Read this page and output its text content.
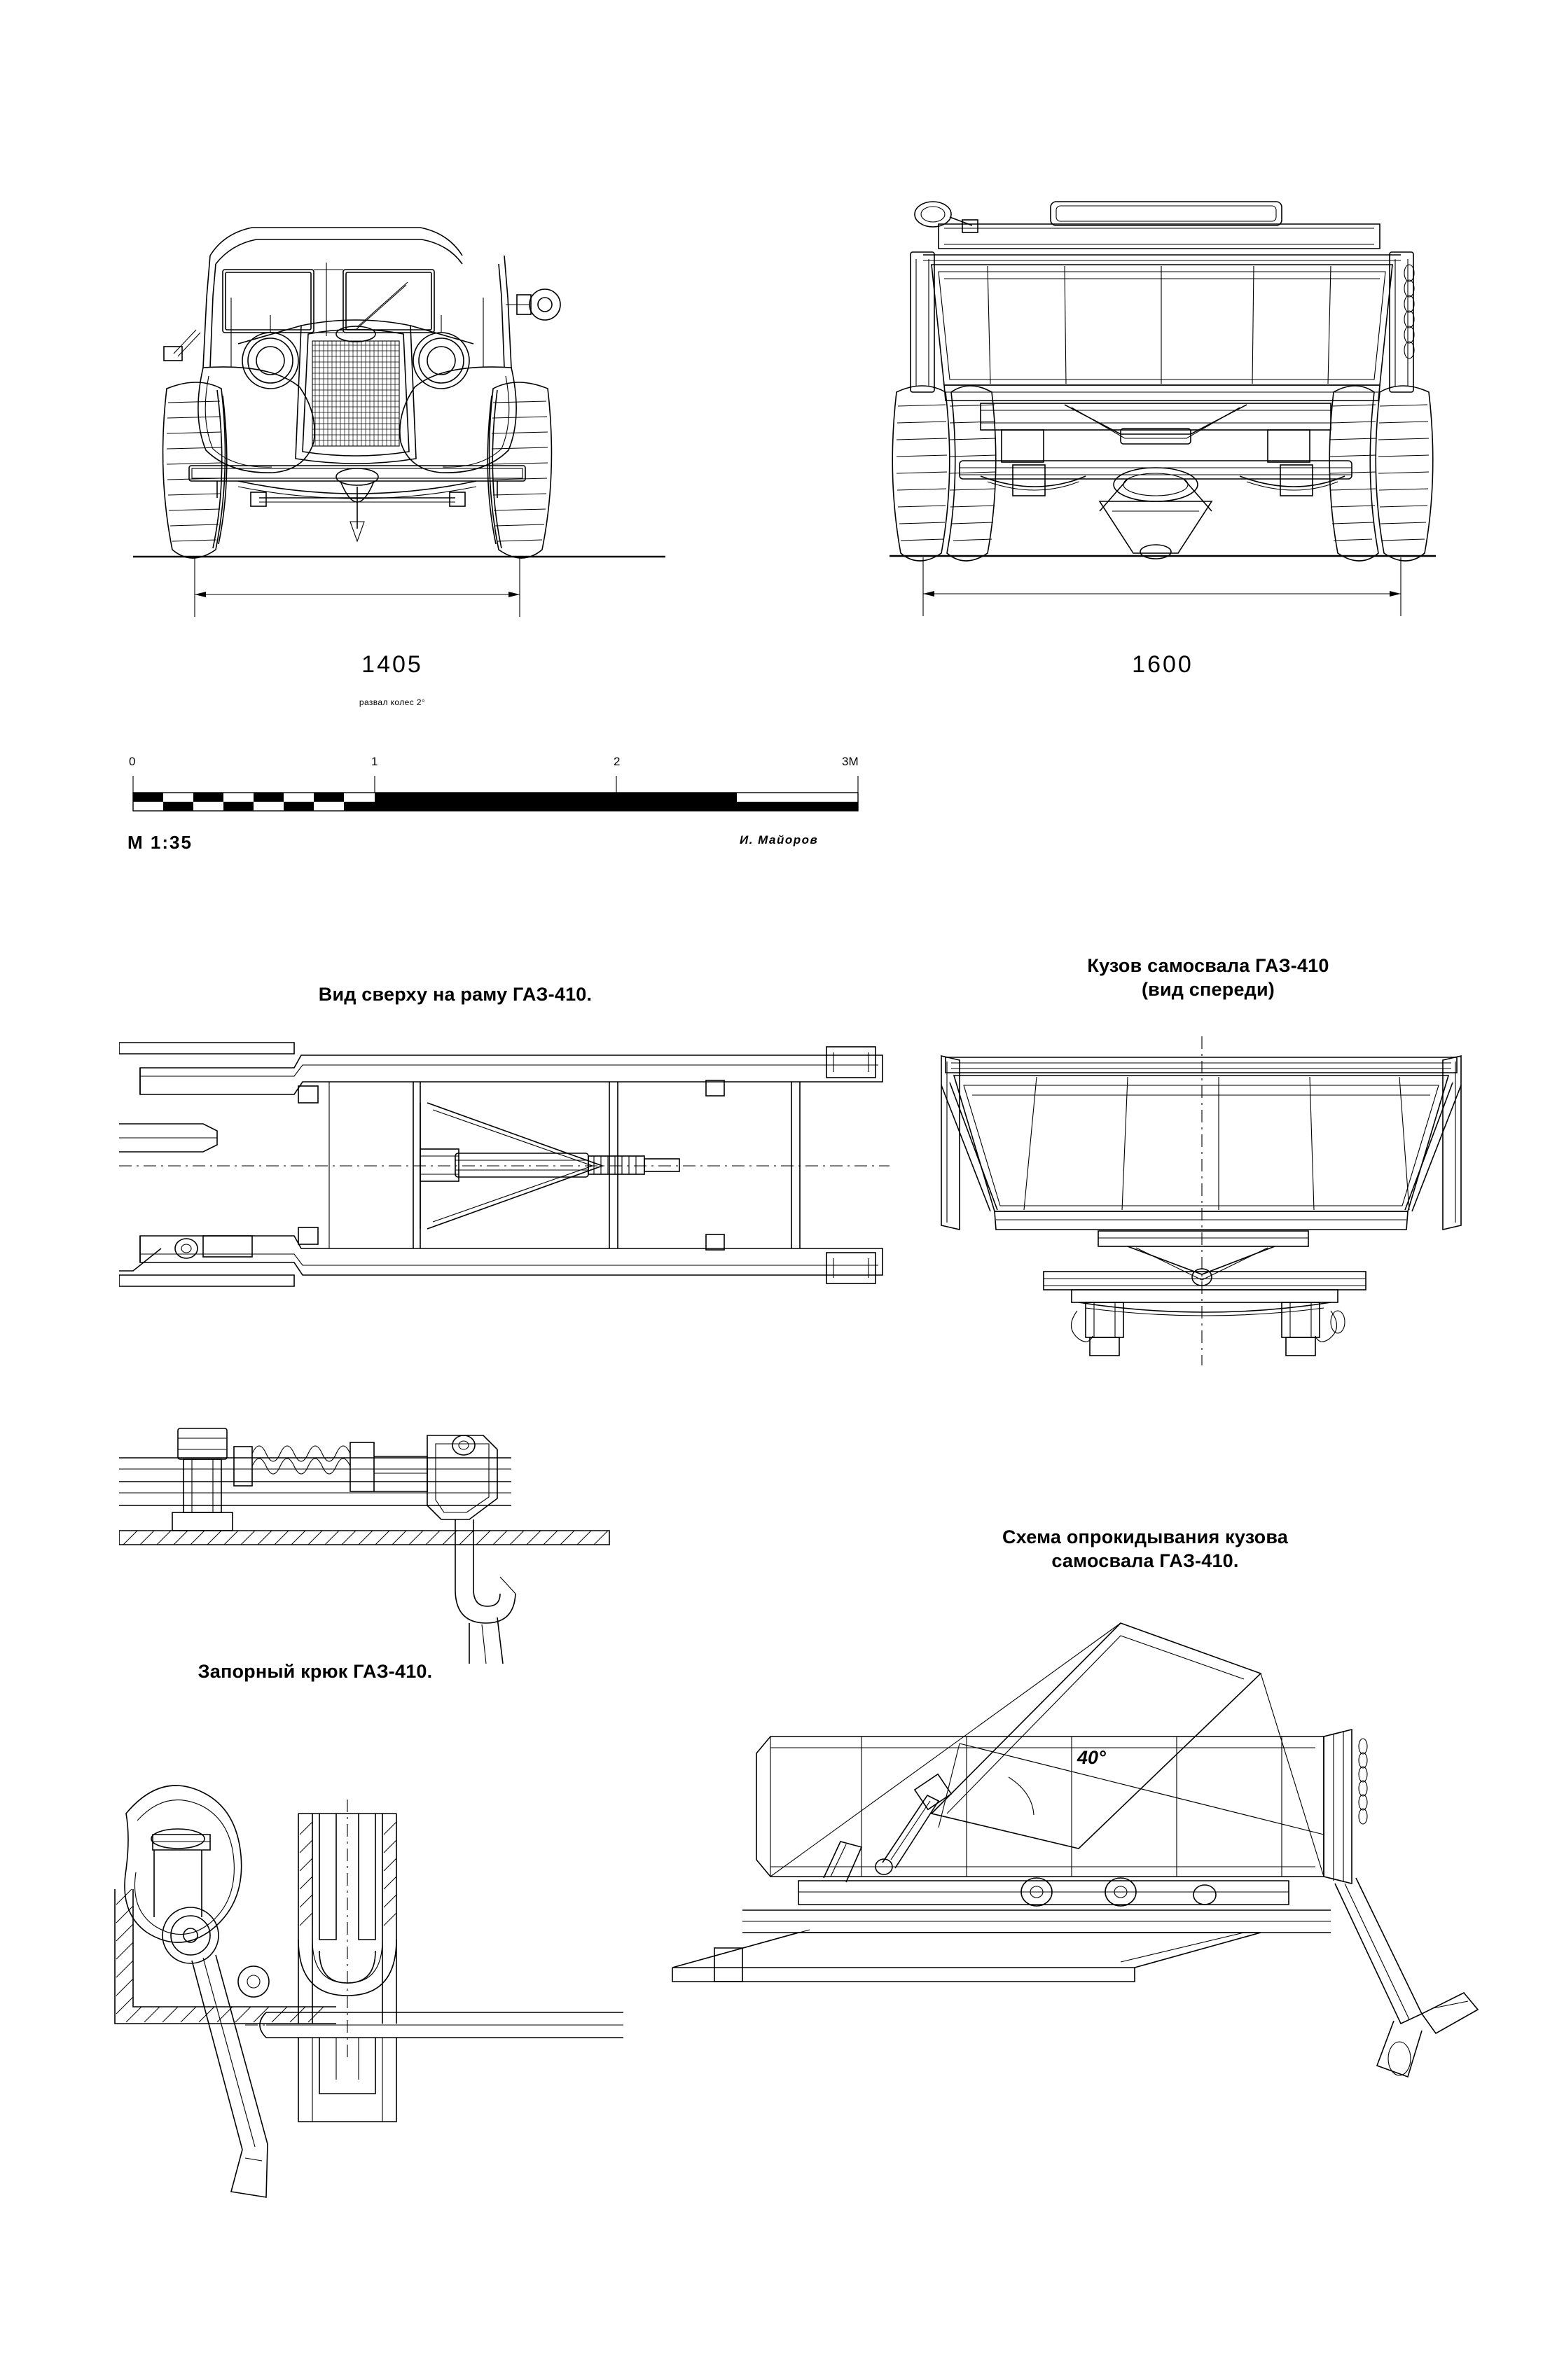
1405
развал колес 2°
1600
0	1	2	3М
М 1:35	И. Майоров
Вид сверху на раму ГАЗ-410.
Кузов самосвала ГАЗ-410
(вид спереди)
Запорный крюк ГАЗ-410.
Схема опрокидывания кузова
самосвала ГАЗ-410.
40°
